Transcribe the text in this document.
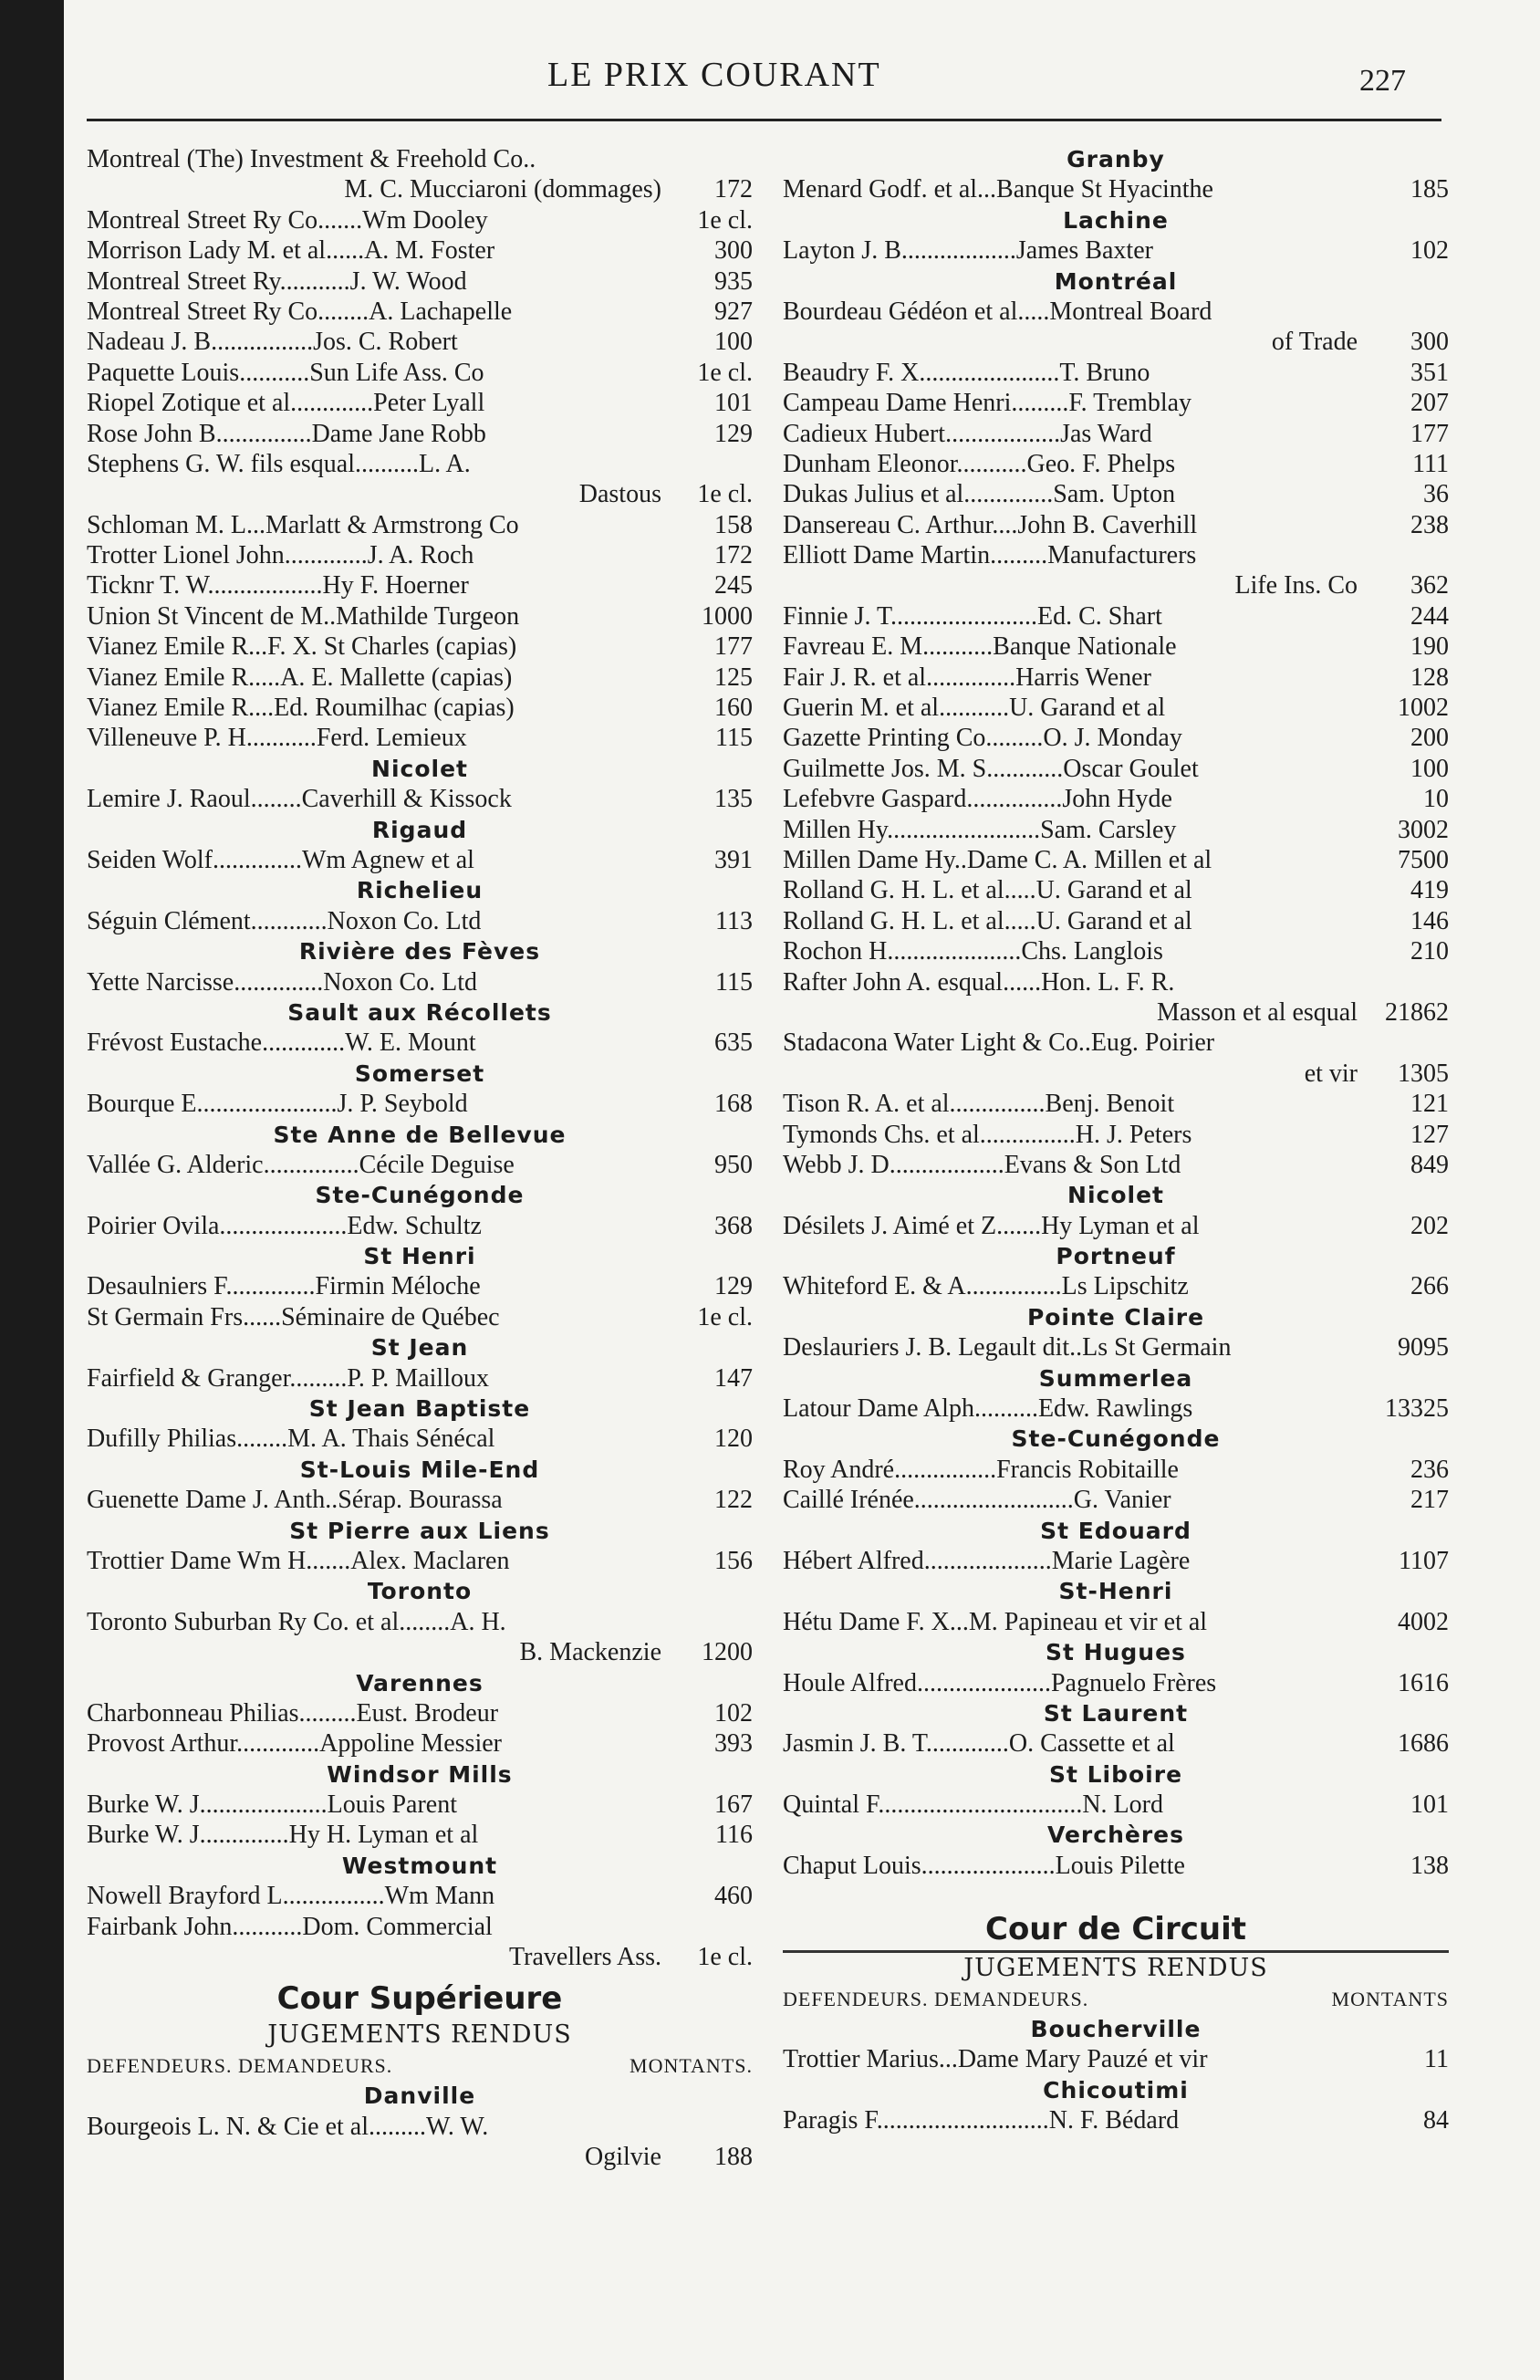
LE PRIX COURANT	227
Montreal (The) Investment & Freehold Co..
M. C. Mucciaroni (dommages) 172
Montreal Street Ry Co.......Wm Dooley	1e cl.
Morrison Lady M. et al......A. M. Foster	300
Montreal Street Ry...........J. W. Wood	935
Montreal Street Ry Co........A. Lachapelle	927
Nadeau J. B................Jos. C. Robert	100
Paquette Louis...........Sun Life Ass. Co	1e cl.
Riopel Zotique et al.............Peter Lyall	101
Rose John B...............Dame Jane Robb	129
Stephens G. W. fils esqual..........L. A.
Dastous 1e cl.
Schloman M. L...Marlatt & Armstrong Co	158
Trotter Lionel John.............J. A. Roch	172
Ticknr T. W..................Hy F. Hoerner	245
Union St Vincent de M..Mathilde Turgeon	1000
Vianez Emile R...F. X. St Charles (capias)	177
Vianez Emile R.....A. E. Mallette (capias)	125
Vianez Emile R....Ed. Roumilhac (capias)	160
Villeneuve P. H...........Ferd. Lemieux	115
Nicolet
Lemire J. Raoul........Caverhill & Kissock	135
Rigaud
Seiden Wolf..............Wm Agnew et al	391
Richelieu
Séguin Clément............Noxon Co. Ltd	113
Rivière des Fèves
Yette Narcisse..............Noxon Co. Ltd	115
Sault aux Récollets
Frévost Eustache.............W. E. Mount	635
Somerset
Bourque E......................J. P. Seybold	168
Ste Anne de Bellevue
Vallée G. Alderic...............Cécile Deguise	950
Ste-Cunégonde
Poirier Ovila....................Edw. Schultz	368
St Henri
Desaulniers F..............Firmin Méloche	129
St Germain Frs......Séminaire de Québec	1e cl.
St Jean
Fairfield & Granger.........P. P. Mailloux	147
St Jean Baptiste
Dufilly Philias........M. A. Thais Sénécal	120
St-Louis Mile-End
Guenette Dame J. Anth..Sérap. Bourassa	122
St Pierre aux Liens
Trottier Dame Wm H.......Alex. Maclaren	156
Toronto
Toronto Suburban Ry Co. et al........A. H.
B. Mackenzie 1200
Varennes
Charbonneau Philias.........Eust. Brodeur	102
Provost Arthur.............Appoline Messier	393
Windsor Mills
Burke W. J....................Louis Parent	167
Burke W. J..............Hy H. Lyman et al	116
Westmount
Nowell Brayford L................Wm Mann	460
Fairbank John...........Dom. Commercial
Travellers Ass. 1e cl.
Cour Supérieure
JUGEMENTS RENDUS
DEFENDEURS. DEMANDEURS.	MONTANTS.
Danville
Bourgeois L. N. & Cie et al.........W. W.
Ogilvie 188
Granby
Menard Godf. et al...Banque St Hyacinthe	185
Lachine
Layton J. B..................James Baxter	102
Montréal
Bourdeau Gédéon et al.....Montreal Board
of Trade 300
Beaudry F. X......................T. Bruno	351
Campeau Dame Henri.........F. Tremblay	207
Cadieux Hubert..................Jas Ward	177
Dunham Eleonor...........Geo. F. Phelps	111
Dukas Julius et al..............Sam. Upton	36
Dansereau C. Arthur....John B. Caverhill	238
Elliott Dame Martin.........Manufacturers
Life Ins. Co 362
Finnie J. T.......................Ed. C. Shart	244
Favreau E. M...........Banque Nationale	190
Fair J. R. et al..............Harris Wener	128
Guerin M. et al...........U. Garand et al	1002
Gazette Printing Co.........O. J. Monday	200
Guilmette Jos. M. S............Oscar Goulet	100
Lefebvre Gaspard...............John Hyde	10
Millen Hy........................Sam. Carsley	3002
Millen Dame Hy..Dame C. A. Millen et al	7500
Rolland G. H. L. et al.....U. Garand et al	419
Rolland G. H. L. et al.....U. Garand et al	146
Rochon H.....................Chs. Langlois	210
Rafter John A. esqual......Hon. L. F. R.
Masson et al esqual 21862
Stadacona Water Light & Co..Eug. Poirier
et vir 1305
Tison R. A. et al...............Benj. Benoit	121
Tymonds Chs. et al...............H. J. Peters	127
Webb J. D..................Evans & Son Ltd	849
Nicolet
Désilets J. Aimé et Z.......Hy Lyman et al	202
Portneuf
Whiteford E. & A...............Ls Lipschitz	266
Pointe Claire
Deslauriers J. B. Legault dit..Ls St Germain	9095
Summerlea
Latour Dame Alph..........Edw. Rawlings	13325
Ste-Cunégonde
Roy André................Francis Robitaille	236
Caillé Irénée.........................G. Vanier	217
St Edouard
Hébert Alfred....................Marie Lagère	1107
St-Henri
Hétu Dame F. X...M. Papineau et vir et al	4002
St Hugues
Houle Alfred.....................Pagnuelo Frères	1616
St Laurent
Jasmin J. B. T.............O. Cassette et al	1686
St Liboire
Quintal F................................N. Lord	101
Verchères
Chaput Louis.....................Louis Pilette	138
Cour de Circuit
JUGEMENTS RENDUS
DEFENDEURS. DEMANDEURS.	MONTANTS
Boucherville
Trottier Marius...Dame Mary Pauzé et vir	11
Chicoutimi
Paragis F...........................N. F. Bédard	84
